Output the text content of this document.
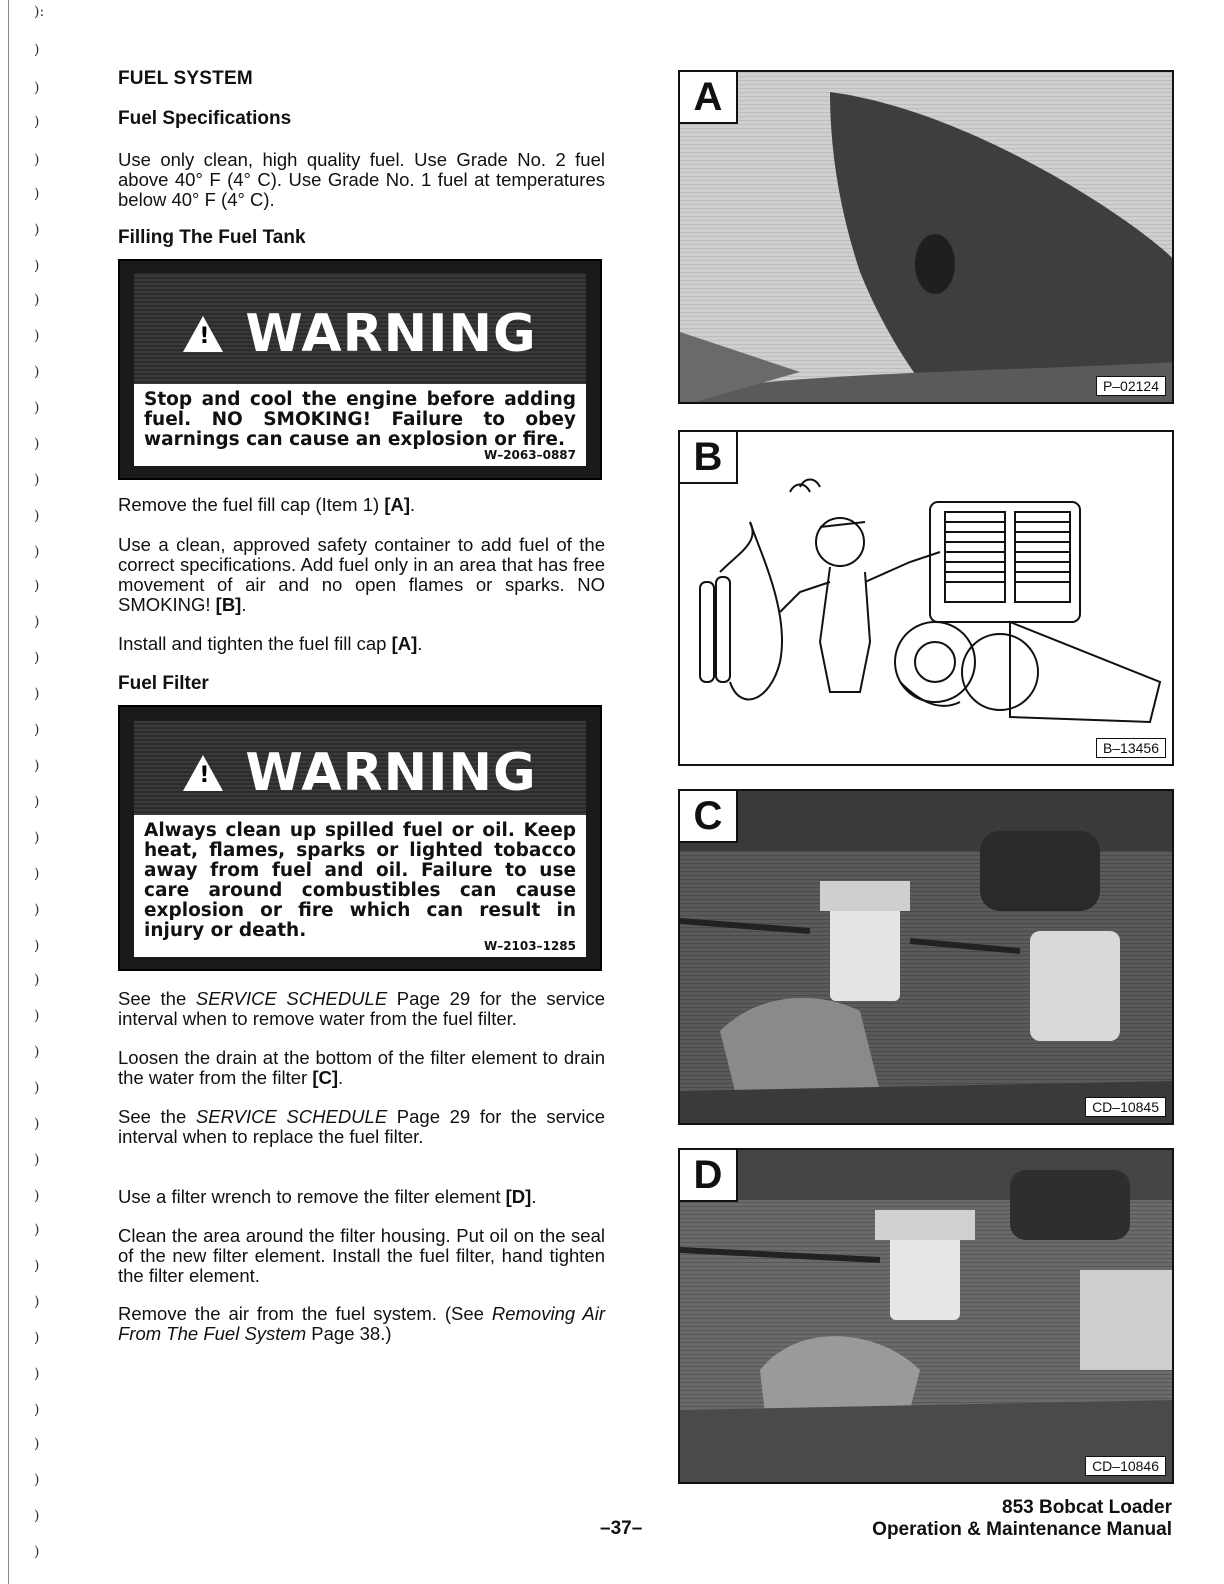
):
)
)
)
)
)
)
)
)
)
)
)
)
)
)
)
)
)
)
)
)
)
)
)
)
)
)
)
)
)
)
)
)
)
)
)
)
)
)
)
)
)
)
)
FUEL SYSTEM
Fuel Specifications

Use only clean, high quality fuel. Use Grade No. 2 fuel above 40° F (4° C). Use Grade No. 1 fuel at temperatures below 40° F (4° C).

Filling The Fuel Tank
! WARNING
Stop and cool the engine before adding fuel. NO SMOKING! Failure to obey warnings can cause an explosion or fire.
W–2063–0887

Remove the fuel fill cap (Item 1) [A].

Use a clean, approved safety container to add fuel of the correct specifications. Add fuel only in an area that has free movement of air and no open flames or sparks. NO SMOKING! [B].

Install and tighten the fuel fill cap [A].

Fuel Filter
! WARNING
Always clean up spilled fuel or oil. Keep heat, flames, sparks or lighted tobacco away from fuel and oil. Failure to use care around combustibles can cause explosion or fire which can result in injury or death.
W–2103–1285

See the SERVICE SCHEDULE Page 29 for the service interval when to remove water from the fuel filter.

Loosen the drain at the bottom of the filter element to drain the water from the filter [C].

See the SERVICE SCHEDULE Page 29 for the service interval when to replace the fuel filter.

Use a filter wrench to remove the filter element [D].

Clean the area around the filter housing. Put oil on the seal of the new filter element. Install the fuel filter, hand tighten the filter element.

Remove the air from the fuel system. (See Removing Air From The Fuel System Page 38.)

A
P–02124
B
B–13456
C
CD–10845
D
CD–10846
–37–
853 Bobcat Loader
Operation & Maintenance Manual
